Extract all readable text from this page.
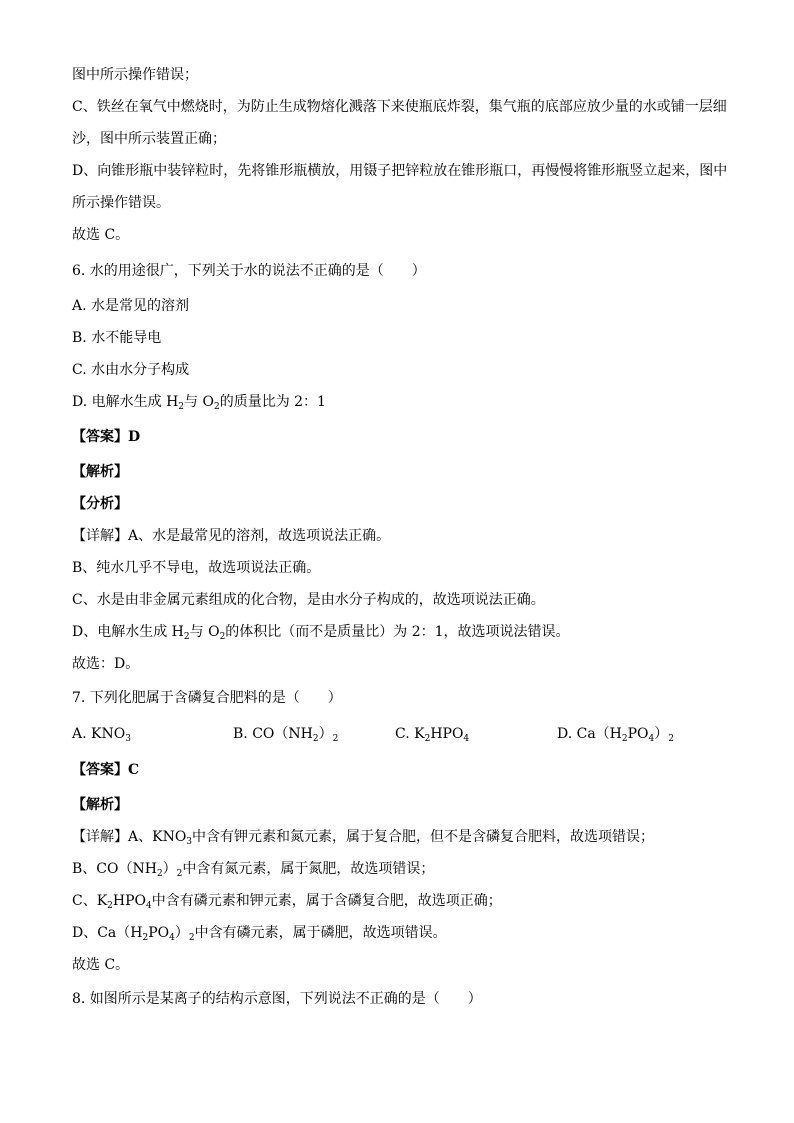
图中所示操作错误；
C、铁丝在氧气中燃烧时，为防止生成物熔化溅落下来使瓶底炸裂，集气瓶的底部应放少量的水或铺一层细
沙，图中所示装置正确；
D、向锥形瓶中装锌粒时，先将锥形瓶横放，用镊子把锌粒放在锥形瓶口，再慢慢将锥形瓶竖立起来，图中
所示操作错误。
故选 C。
6. 水的用途很广，下列关于水的说法不正确的是（　　）
A. 水是常见的溶剂
B. 水不能导电
C. 水由水分子构成
D. 电解水生成 $H_2$与 $O_2$的质量比为 2：1
【答案】D
【解析】
【分析】
【详解】A、水是最常见的溶剂，故选项说法正确。
B、纯水几乎不导电，故选项说法正确。
C、水是由非金属元素组成的化合物，是由水分子构成的，故选项说法正确。
D、电解水生成 $H_2$与 $O_2$的体积比（而不是质量比）为 2：1，故选项说法错误。
故选：D。
7. 下列化肥属于含磷复合肥料的是（　　）
A. $KNO_3$	B. $CO(NH_2)_2$	C. $K_2HPO_4$	D. $Ca(H_2PO_4)_2$
【答案】C
【解析】
【详解】A、$KNO_3$中含有钾元素和氮元素，属于复合肥，但不是含磷复合肥料，故选项错误；
B、$CO(NH_2)_2$中含有氮元素，属于氮肥，故选项错误；
C、$K_2HPO_4$中含有磷元素和钾元素，属于含磷复合肥，故选项正确；
D、$Ca(H_2PO_4)_2$中含有磷元素，属于磷肥，故选项错误。
故选 C。
8. 如图所示是某离子的结构示意图，下列说法不正确的是（　　）
